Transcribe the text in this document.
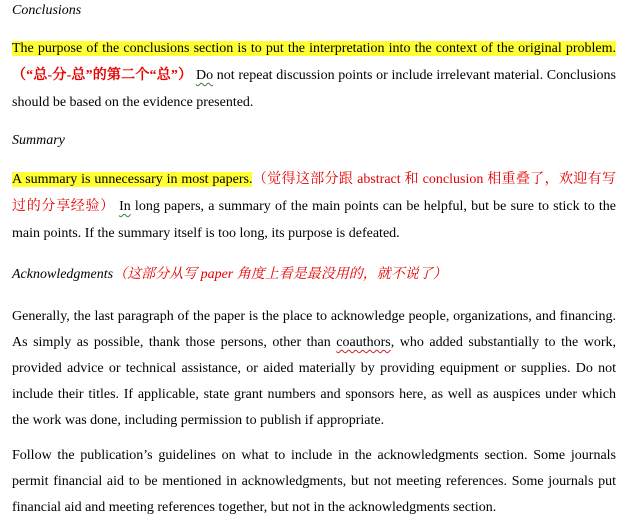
Conclusions
The purpose of the conclusions section is to put the interpretation into the context of the original problem.（“总-分-总”的第二个“总”） Do not repeat discussion points or include irrelevant material. Conclusions should be based on the evidence presented.
Summary
A summary is unnecessary in most papers.（觉得这部分跟 abstract 和 conclusion 相重叠了，欢迎有写过的分享经验） In long papers, a summary of the main points can be helpful, but be sure to stick to the main points. If the summary itself is too long, its purpose is defeated.
Acknowledgments（这部分从写 paper 角度上看是最没用的，就不说了）
Generally, the last paragraph of the paper is the place to acknowledge people, organizations, and financing. As simply as possible, thank those persons, other than coauthors, who added substantially to the work, provided advice or technical assistance, or aided materially by providing equipment or supplies. Do not include their titles. If applicable, state grant numbers and sponsors here, as well as auspices under which the work was done, including permission to publish if appropriate.
Follow the publication’s guidelines on what to include in the acknowledgments section. Some journals permit financial aid to be mentioned in acknowledgments, but not meeting references. Some journals put financial aid and meeting references together, but not in the acknowledgments section.
